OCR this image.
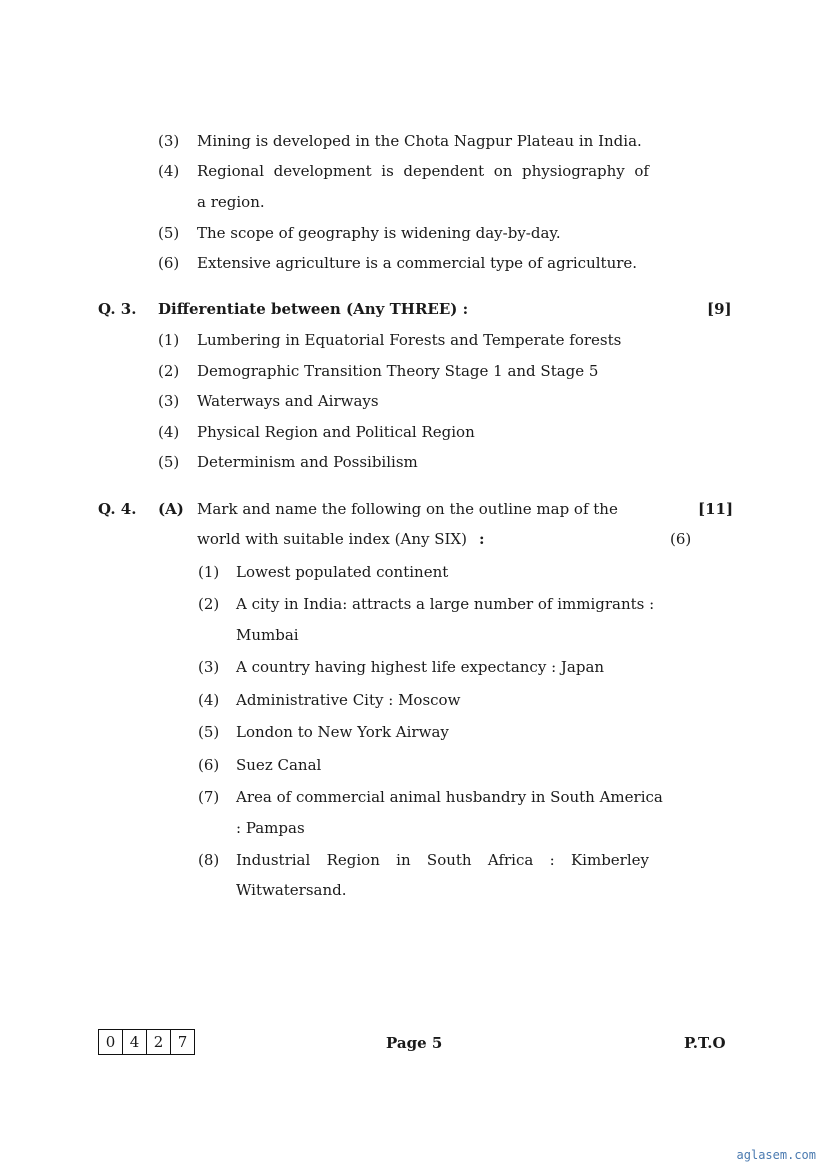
(3) Mining is developed in the Chota Nagpur Plateau in India.
(4) Regional development is dependent on physiography of
a region.
(5) The scope of geography is widening day-by-day.
(6) Extensive agriculture is a commercial type of agriculture.
Q. 3. Differentiate between (Any THREE) :	[9]
(1) Lumbering in Equatorial Forests and Temperate forests
(2) Demographic Transition Theory Stage 1 and Stage 5
(3) Waterways and Airways
(4) Physical Region and Political Region
(5) Determinism and Possibilism
Q. 4. (A) Mark and name the following on the outline map of the	[11]
world with suitable index (Any SIX) :	(6)
(1) Lowest populated continent
(2) A city in India: attracts a large number of immigrants :
Mumbai
(3) A country having highest life expectancy : Japan
(4) Administrative City : Moscow
(5) London to New York Airway
(6) Suez Canal
(7) Area of commercial animal husbandry in South America
: Pampas
(8) Industrial Region in South Africa : Kimberley
Witwatersand.
0 4 2 7	Page 5	P.T.O
aglasem.com
